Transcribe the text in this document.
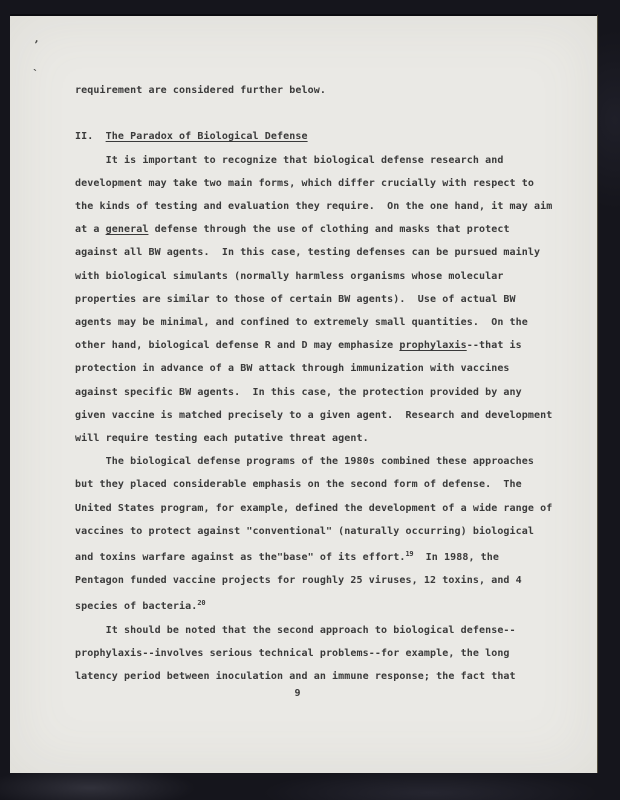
,
`
requirement are considered further below.
II.  The Paradox of Biological Defense
It is important to recognize that biological defense research and
development may take two main forms, which differ crucially with respect to
the kinds of testing and evaluation they require.  On the one hand, it may aim
at a general defense through the use of clothing and masks that protect
against all BW agents.  In this case, testing defenses can be pursued mainly
with biological simulants (normally harmless organisms whose molecular
properties are similar to those of certain BW agents).  Use of actual BW
agents may be minimal, and confined to extremely small quantities.  On the
other hand, biological defense R and D may emphasize prophylaxis--that is
protection in advance of a BW attack through immunization with vaccines
against specific BW agents.  In this case, the protection provided by any
given vaccine is matched precisely to a given agent.  Research and development
will require testing each putative threat agent.
The biological defense programs of the 1980s combined these approaches
but they placed considerable emphasis on the second form of defense.  The
United States program, for example, defined the development of a wide range of
vaccines to protect against "conventional" (naturally occurring) biological
and toxins warfare against as the"base" of its effort.$^{19}$  In 1988, the
Pentagon funded vaccine projects for roughly 25 viruses, 12 toxins, and 4
species of bacteria.$^{20}$
It should be noted that the second approach to biological defense--
prophylaxis--involves serious technical problems--for example, the long
latency period between inoculation and an immune response; the fact that
9
